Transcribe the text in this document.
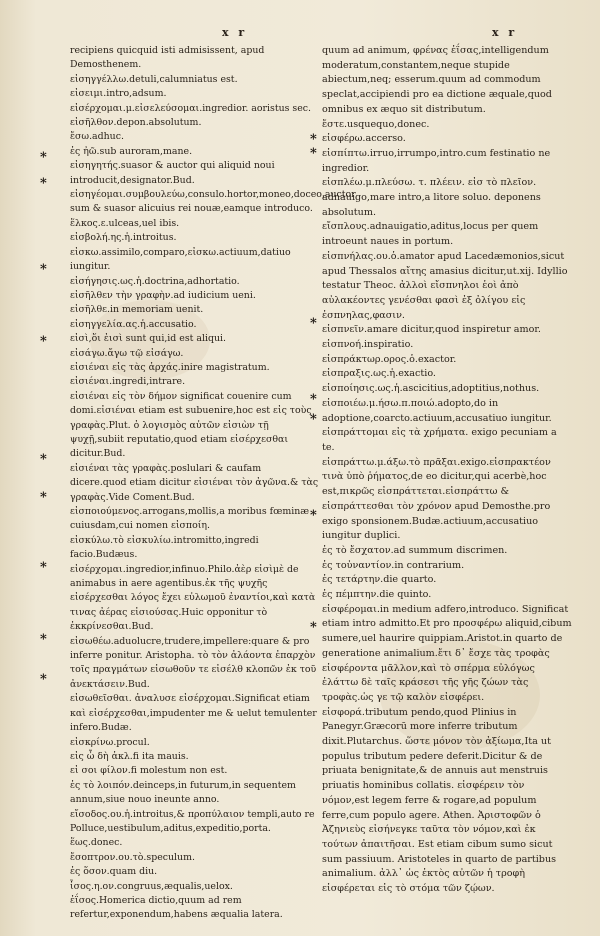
x r	x r
*
*
*
*
*
*
*
*
*
*
*
*
*
*
*
*

recipiens quicquid isti admisissent, apud Demosthenem.

εἰσηγγέλλω.detuli,calumniatus est.

εἰσειμι.intro,adsum.

εἰσέρχομαι.μ.εἰσελεύσομαι.ingredior. aoristus sec. εἰσῆλθον.depon.absolutum.

ἔσω.adhuc.

ἐς ἠῶ.sub auroram,mane.

εἰσηγητής.suasor & auctor qui aliquid noui introducit,designator.Bud.

εἰσηγέομαι.συμβουλεύω,consulo.hortor,moneo,doceo,auctor sum & suasor alicuius rei nouæ,eamque introduco.

ἕλκος.ε.ulceas,uel ibis.

εἰσβολή.ης.ἡ.introitus.

εἰσκω.assimilo,comparo,εἰσκω.actiuum,datiuo iungitur.

εἰσήγησις.ως.ἡ.doctrina,adhortatio.

εἰσῆλθεν τὴν γραφὴν.ad iudicium ueni.

εἰσῆλθε.in memoriam uenit.

εἰσηγγελία.ας.ἡ.accusatio.

εἰσὶ,ὅι ἐισὶ sunt qui,id est aliqui.

εἰσάγω.ἄγω τῷ εἰσάγω.

εἰσιέναι εἰς τὰς ἀρχάς.inire magistratum.

εἰσιέναι.ingredi,intrare.

εἰσιέναι εἰς τὸν δήμον significat couenire cum domi.εἰσιέναι etiam est subuenire,hoc est εἰς τοὺς γραφὰς.Plut. ὁ λογισμὸς αὐτῶν εἰσιὼν τῇ ψυχῇ,subiit reputatio,quod etiam εἰσέρχεσθαι dicitur.Bud.

εἰσιέναι τὰς γραφὰς.poslulari & caufam dicere.quod etiam dicitur εἰσιέναι τὸν ἀγῶνα.& τὰς γραφὰς.Vide Coment.Bud.

εἰσποιούμενος.arrogans,mollis,a moribus fœminæ cuiusdam,cui nomen εἰσποίη.

εἰσκύλω.τὸ εἰσκυλίω.intromitto,ingredi facio.Budæus.

εἰσέρχομαι.ingredior,infinuo.Philo.ἀὲρ εἰσὶμὲ de animabus in aere agentibus.ἐκ τῆς ψυχῆς εἰσέρχεσθαι λόγος ἔχει εὐλωμοῦ ἐναντίοι,καὶ κατὰ τινας ἀέρας εἰσιούσας.Huic opponitur τὸ ἐκκρίνεσθαι.Bud.

εἰσωθέω.aduolucre,trudere,impellere:quare & pro inferre ponitur. Aristopha. τὸ τὸν ἀλάοντα ἐπαρχὸν τοῖς πραγμάτων εἰσωθοῦν τε εἰσέλθ κλοπῶν ἐκ τοῦ ἀνεκτάσειν.Bud.

εἰσωθεῖσθαι. ἀναλυσε εἰσέρχομαι.Significat etiam καὶ εἰσέρχεσθαι,impudenter me & uelut temulenter infero.Budæ.

εἰσκρίνω.procul.

εἰς ὦ δὴ ἀκλ.fi ita mauis.

εἰ σοι φίλον.fi molestum non est.

ἐς τὸ λοιπόν.deinceps,in futurum,in sequentem annum,siue nouo ineunte anno.

εἴσοδος.ου.ἡ.introitus,& προπύλαιον templi,auto re Polluce,uestibulum,aditus,expeditio,porta.

ἕως.donec.

ἔσοπτρον.ου.τὸ.speculum.

ἐς ὅσον.quam diu.

ἶσος.η.ον.congruus,æqualis,uelox.

ἐΐσος.Homerica dictio,quum ad rem refertur,exponendum,habens æqualia latera.

quum ad animum, φρένας ἐΐσας,intelligendum moderatum,constantem,neque stupide abiectum,neq; esserum.quum ad commodum speclat,accipiendi pro ea dictione æquale,quod omnibus ex æquo sit distributum.

ἔστε.usquequo,donec.

εἰσφέρω.accerso.

εἰσπίπτω.irruo,irrumpo,intro.cum festinatio ne ingredior.

εἰσπλέω.μ.πλεύσω. τ. πλέειν. εἰσ τὸ πλεῖον. adnauigo,mare intro,a litore soluo. deponens absolutum.

εἴσπλους.adnauigatio,aditus,locus per quem introeunt naues in portum.

εἰσπνήλας.ου.ὁ.amator apud Lacedæmonios,sicut apud Thessalos αἴτης amasius dicitur,ut.xij. Idyllio testatur Theoc. ἀλλοὶ εἴσπνηλοι ἑοὶ ἀπὸ αὐλακέοντες γενέσθαι φασὶ ἐξ ὀλίγου εἰς ἐσπνηλας,φασιν.

εἰσπνεῖν.amare dicitur,quod inspiretur amor.

εἰσπνοή.inspiratio.

εἰσπράκτωρ.ορος.ὁ.exactor.

εἰσπραξις.ως.ἡ.exactio.

εἰσποίησις.ως.ἡ.ascicitius,adoptitius,nothus.

εἰσποιέω.μ.ήσω.π.ποιώ.adopto,do in adoptione,coarcto.actiuum,accusatiuo iungitur.

εἰσπράττομαι εἰς τὰ χρήματα. exigo pecuniam a te.

εἰσπράττω.μ.άξω.τὸ πρᾶξαι.exigo.εἰσπρακτέον τινὰ ὑπὸ ῥήματος,de eo dicitur,qui acerbè,hoc est,πικρῶς εἰσπράττεται.εἰσπράττω & εἰσπράττεσθαι τὸν χρόνον apud Demosthe.pro exigo sponsionem.Budæ.actiuum,accusatiuo iungitur duplici.

ἐς τὸ ἔσχατον.ad summum discrimen.

ἐς τοὐναντίον.in contrarium.

ἐς τετάρτην.die quarto.

ἐς πέμπτην.die quinto.

εἰσφέρομαι.in medium adfero,introduco. Significat etiam intro admitto.Et pro προσφέρω aliquid,cibum sumere,uel haurire quippiam.Aristot.in quarto de generatione animalium.ἔτι δ᾽ ἔσχε τὰς τροφὰς εἰσφέροντα μᾶλλον,καὶ τὸ σπέρμα εὐλόγως ἐλάττω δὲ ταῖς κράσεσι τῆς γῆς ζώων τὰς τροφὰς.ὡς γε τῷ καλὸν εἰσφέρει.

εἰσφορά.tributum pendo,quod Plinius in Panegyr.Græcorū more inferre tributum dixit.Plutarchus. ὥστε μόνον τὸν ἀξίωμα,Ita ut populus tributum pedere deferit.Dicitur & de priuata benignitate,& de annuis aut menstruis priuatis hominibus collatis. εἰσφέρειν τὸν νόμον,est legem ferre & rogare,ad populum ferre,cum populo agere. Athen. Ἀριστοφῶν ὁ Ἀζηνιεὺς εἰσήνεγκε ταῦτα τὸν νόμον,καὶ ἐκ τούτων ἀπαιτῆσαι. Est etiam cibum sumo sicut sum passiuum. Aristoteles in quarto de partibus animalium. ἀλλ᾽ ὡς ἐκτὸς αὐτῶν ἡ τροφὴ εἰσφέρεται εἰς τὸ στόμα τῶν ζῴων.
